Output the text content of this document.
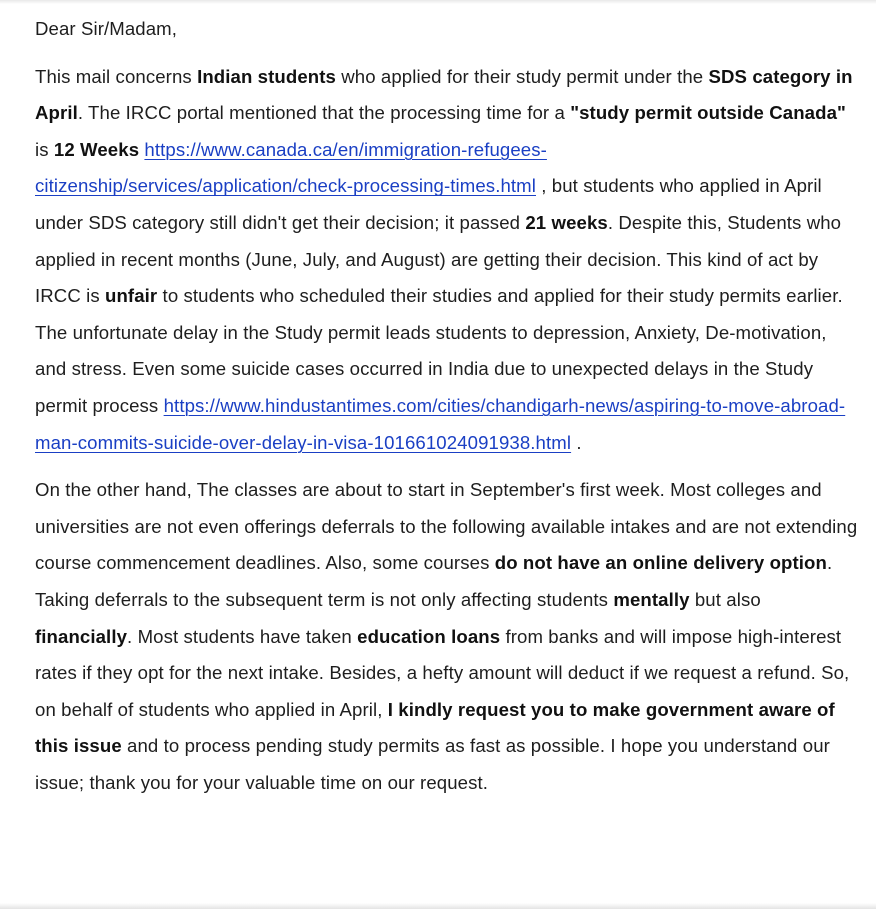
Dear Sir/Madam,
This mail concerns Indian students who applied for their study permit under the SDS category in April. The IRCC portal mentioned that the processing time for a "study permit outside Canada" is 12 Weeks https://www.canada.ca/en/immigration-refugees-citizenship/services/application/check-processing-times.html , but students who applied in April under SDS category still didn't get their decision; it passed 21 weeks. Despite this, Students who applied in recent months (June, July, and August) are getting their decision. This kind of act by IRCC is unfair to students who scheduled their studies and applied for their study permits earlier. The unfortunate delay in the Study permit leads students to depression, Anxiety, De-motivation, and stress. Even some suicide cases occurred in India due to unexpected delays in the Study permit process https://www.hindustantimes.com/cities/chandigarh-news/aspiring-to-move-abroad-man-commits-suicide-over-delay-in-visa-101661024091938.html .
On the other hand, The classes are about to start in September's first week. Most colleges and universities are not even offerings deferrals to the following available intakes and are not extending course commencement deadlines. Also, some courses do not have an online delivery option. Taking deferrals to the subsequent term is not only affecting students mentally but also financially. Most students have taken education loans from banks and will impose high-interest rates if they opt for the next intake. Besides, a hefty amount will deduct if we request a refund. So, on behalf of students who applied in April, I kindly request you to make government aware of this issue and to process pending study permits as fast as possible. I hope you understand our issue; thank you for your valuable time on our request.
